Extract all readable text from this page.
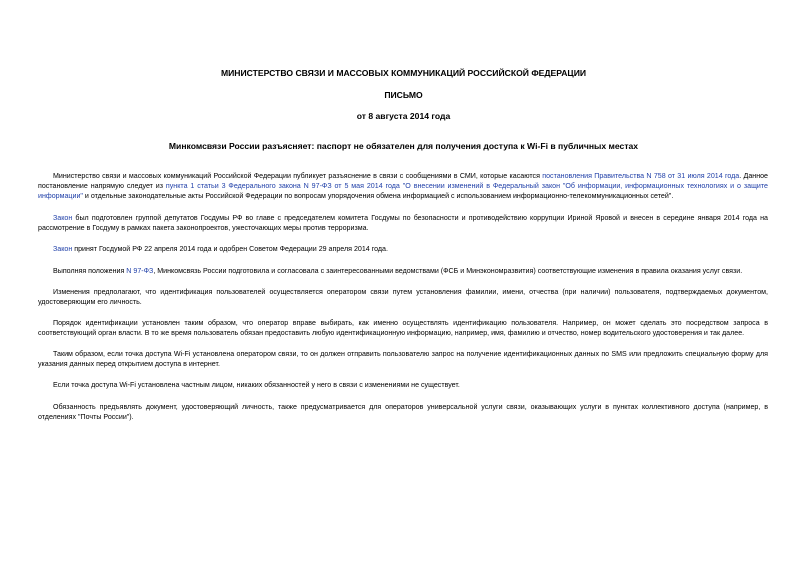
МИНИСТЕРСТВО СВЯЗИ И МАССОВЫХ КОММУНИКАЦИЙ РОССИЙСКОЙ ФЕДЕРАЦИИ
ПИСЬМО
от 8 августа 2014 года
Минкомсвязи России разъясняет: паспорт не обязателен для получения доступа к Wi-Fi в публичных местах
Министерство связи и массовых коммуникаций Российской Федерации публикует разъяснение в связи с сообщениями в СМИ, которые касаются постановления Правительства N 758 от 31 июля 2014 года. Данное постановление напрямую следует из пункта 1 статьи 3 Федерального закона N 97-ФЗ от 5 мая 2014 года "О внесении изменений в Федеральный закон "Об информации, информационных технологиях и о защите информации" и отдельные законодательные акты Российской Федерации по вопросам упорядочения обмена информацией с использованием информационно-телекоммуникационных сетей".
Закон был подготовлен группой депутатов Госдумы РФ во главе с председателем комитета Госдумы по безопасности и противодействию коррупции Ириной Яровой и внесен в середине января 2014 года на рассмотрение в Госдуму в рамках пакета законопроектов, ужесточающих меры против терроризма.
Закон принят Госдумой РФ 22 апреля 2014 года и одобрен Советом Федерации 29 апреля 2014 года.
Выполняя положения N 97-ФЗ, Минкомсвязь России подготовила и согласовала с заинтересованными ведомствами (ФСБ и Минэкономразвития) соответствующие изменения в правила оказания услуг связи.
Изменения предполагают, что идентификация пользователей осуществляется оператором связи путем установления фамилии, имени, отчества (при наличии) пользователя, подтверждаемых документом, удостоверяющим его личность.
Порядок идентификации установлен таким образом, что оператор вправе выбирать, как именно осуществлять идентификацию пользователя. Например, он может сделать это посредством запроса в соответствующий орган власти. В то же время пользователь обязан предоставить любую идентификационную информацию, например, имя, фамилию и отчество, номер водительского удостоверения и так далее.
Таким образом, если точка доступа Wi-Fi установлена оператором связи, то он должен отправить пользователю запрос на получение идентификационных данных по SMS или предложить специальную форму для указания данных перед открытием доступа в интернет.
Если точка доступа Wi-Fi установлена частным лицом, никаких обязанностей у него в связи с изменениями не существует.
Обязанность предъявлять документ, удостоверяющий личность, также предусматривается для операторов универсальной услуги связи, оказывающих услуги в пунктах коллективного доступа (например, в отделениях "Почты России").
